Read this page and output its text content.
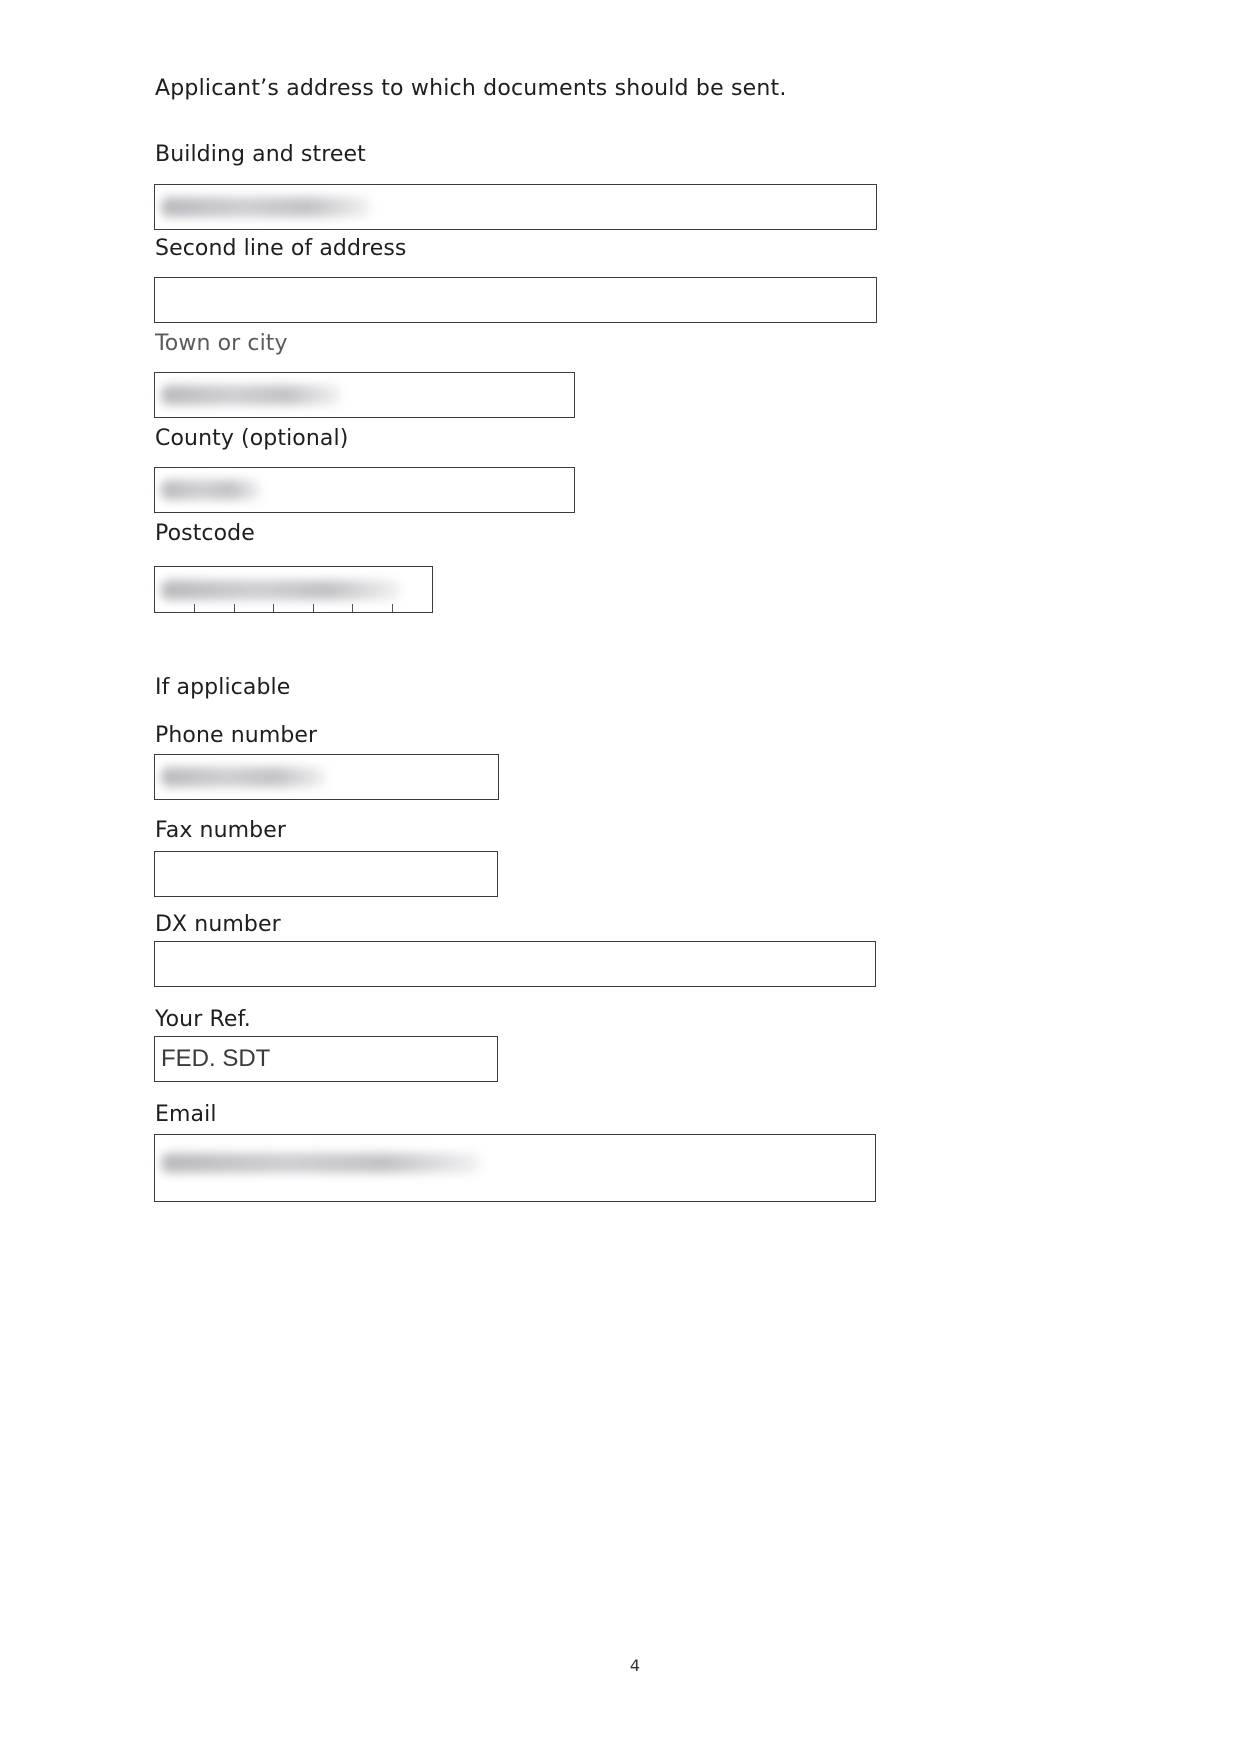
Applicant’s address to which documents should be sent.
Building and street
Second line of address
Town or city
County (optional)
Postcode
If applicable
Phone number
Fax number
DX number
Your Ref.
FED. SDT
Email
4
